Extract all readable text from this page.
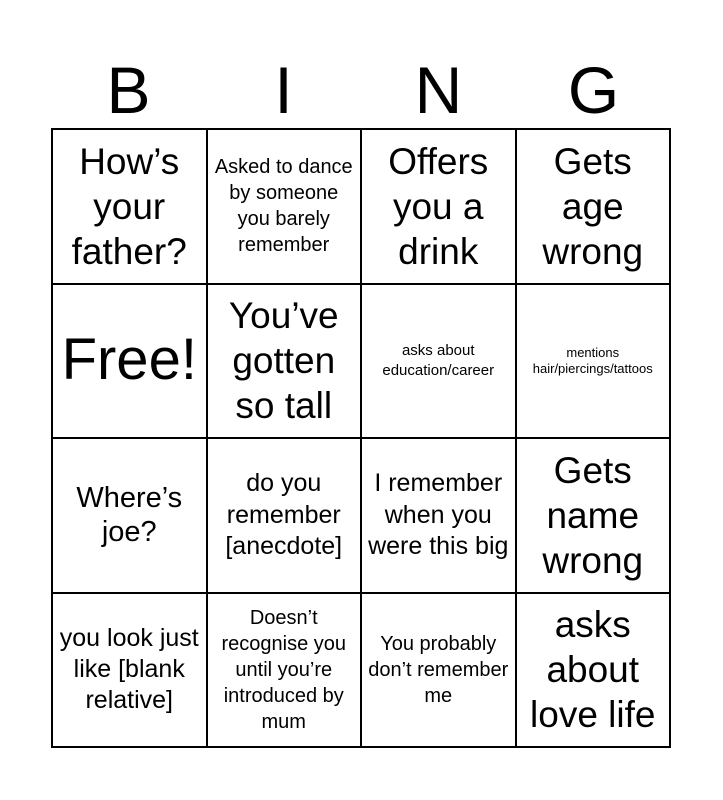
B	I	N	G
How’s your father?
Asked to dance by someone you barely remember
Offers you a drink
Gets age wrong
Free!
You’ve gotten so tall
asks about education/career
mentions hair/piercings/tattoos
Where’s joe?
do you remember [anecdote]
I remember when you were this big
Gets name wrong
you look just like [blank relative]
Doesn’t recognise you until you’re introduced by mum
You probably don’t remember me
asks about love life
